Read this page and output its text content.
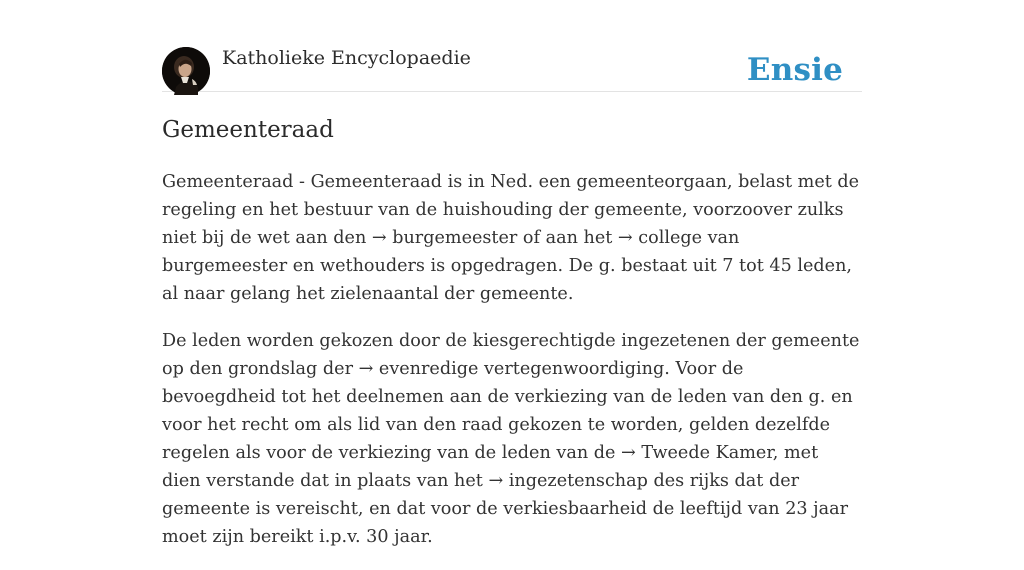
Katholieke Encyclopaedie	Ensie
Gemeenteraad

Gemeenteraad - Gemeenteraad is in Ned. een gemeenteorgaan, belast met de regeling en het bestuur van de huishouding der gemeente, voorzoover zulks niet bij de wet aan den → burgemeester of aan het → college van burgemeester en wethouders is opgedragen. De g. bestaat uit 7 tot 45 leden, al naar gelang het zielenaantal der gemeente.

De leden worden gekozen door de kiesgerechtigde ingezetenen der gemeente op den grondslag der → evenredige vertegenwoordiging. Voor de bevoegdheid tot het deelnemen aan de verkiezing van de leden van den g. en voor het recht om als lid van den raad gekozen te worden, gelden dezelfde regelen als voor de verkiezing van de leden van de → Tweede Kamer, met dien verstande dat in plaats van het → ingezetenschap des rijks dat der gemeente is vereischt, en dat voor de verkiesbaarheid de leeftijd van 23 jaar moet zijn bereikt i.p.v. 30 jaar.
